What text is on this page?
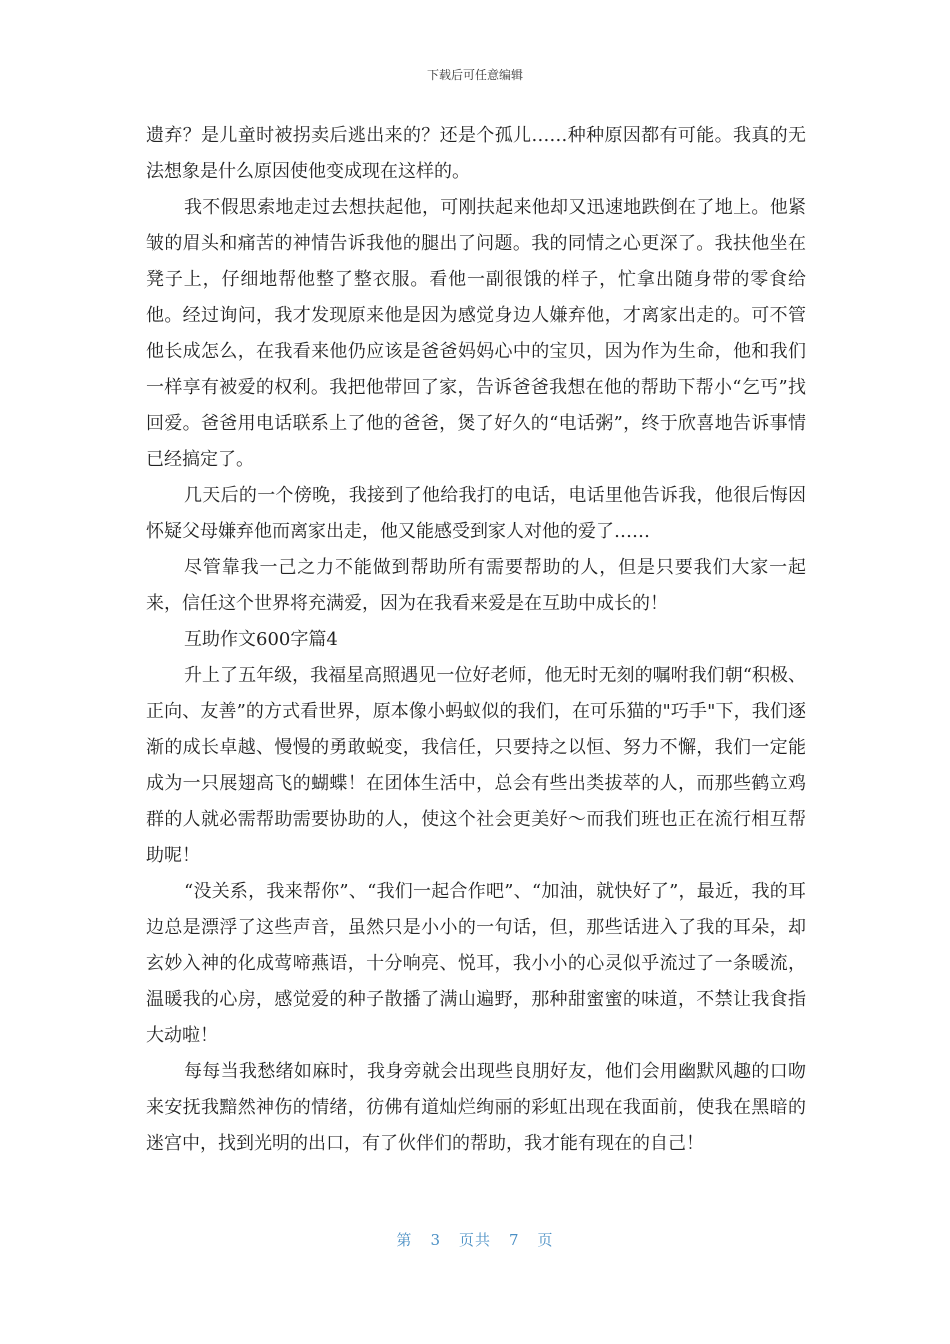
下载后可任意编辑

遗弃？是儿童时被拐卖后逃出来的？还是个孤儿……种种原因都有可能。我真的无法想象是什么原因使他变成现在这样的。

我不假思索地走过去想扶起他，可刚扶起来他却又迅速地跌倒在了地上。他紧皱的眉头和痛苦的神情告诉我他的腿出了问题。我的同情之心更深了。我扶他坐在凳子上，仔细地帮他整了整衣服。看他一副很饿的样子，忙拿出随身带的零食给他。经过询问，我才发现原来他是因为感觉身边人嫌弃他，才离家出走的。可不管他长成怎么，在我看来他仍应该是爸爸妈妈心中的宝贝，因为作为生命，他和我们一样享有被爱的权利。我把他带回了家，告诉爸爸我想在他的帮助下帮小“乞丐”找回爱。爸爸用电话联系上了他的爸爸，煲了好久的“电话粥”，终于欣喜地告诉事情已经搞定了。

几天后的一个傍晚，我接到了他给我打的电话，电话里他告诉我，他很后悔因怀疑父母嫌弃他而离家出走，他又能感受到家人对他的爱了……

尽管靠我一己之力不能做到帮助所有需要帮助的人，但是只要我们大家一起来，信任这个世界将充满爱，因为在我看来爱是在互助中成长的！

互助作文600字篇4

升上了五年级，我福星高照遇见一位好老师，他无时无刻的嘱咐我们朝“积极、正向、友善”的方式看世界，原本像小蚂蚁似的我们，在可乐猫的"巧手"下，我们逐渐的成长卓越、慢慢的勇敢蜕变，我信任，只要持之以恒、努力不懈，我们一定能成为一只展翅高飞的蝴蝶！在团体生活中，总会有些出类拔萃的人，而那些鹤立鸡群的人就必需帮助需要协助的人，使这个社会更美好～而我们班也正在流行相互帮助呢！

“没关系，我来帮你”、“我们一起合作吧”、“加油，就快好了”，最近，我的耳边总是漂浮了这些声音，虽然只是小小的一句话，但，那些话进入了我的耳朵，却玄妙入神的化成莺啼燕语，十分响亮、悦耳，我小小的心灵似乎流过了一条暖流，温暖我的心房，感觉爱的种子散播了满山遍野，那种甜蜜蜜的味道，不禁让我食指大动啦！

每每当我愁绪如麻时，我身旁就会出现些良朋好友，他们会用幽默风趣的口吻来安抚我黯然神伤的情绪，彷佛有道灿烂绚丽的彩虹出现在我面前，使我在黑暗的迷宫中，找到光明的出口，有了伙伴们的帮助，我才能有现在的自己！

第 3 页共 7 页
